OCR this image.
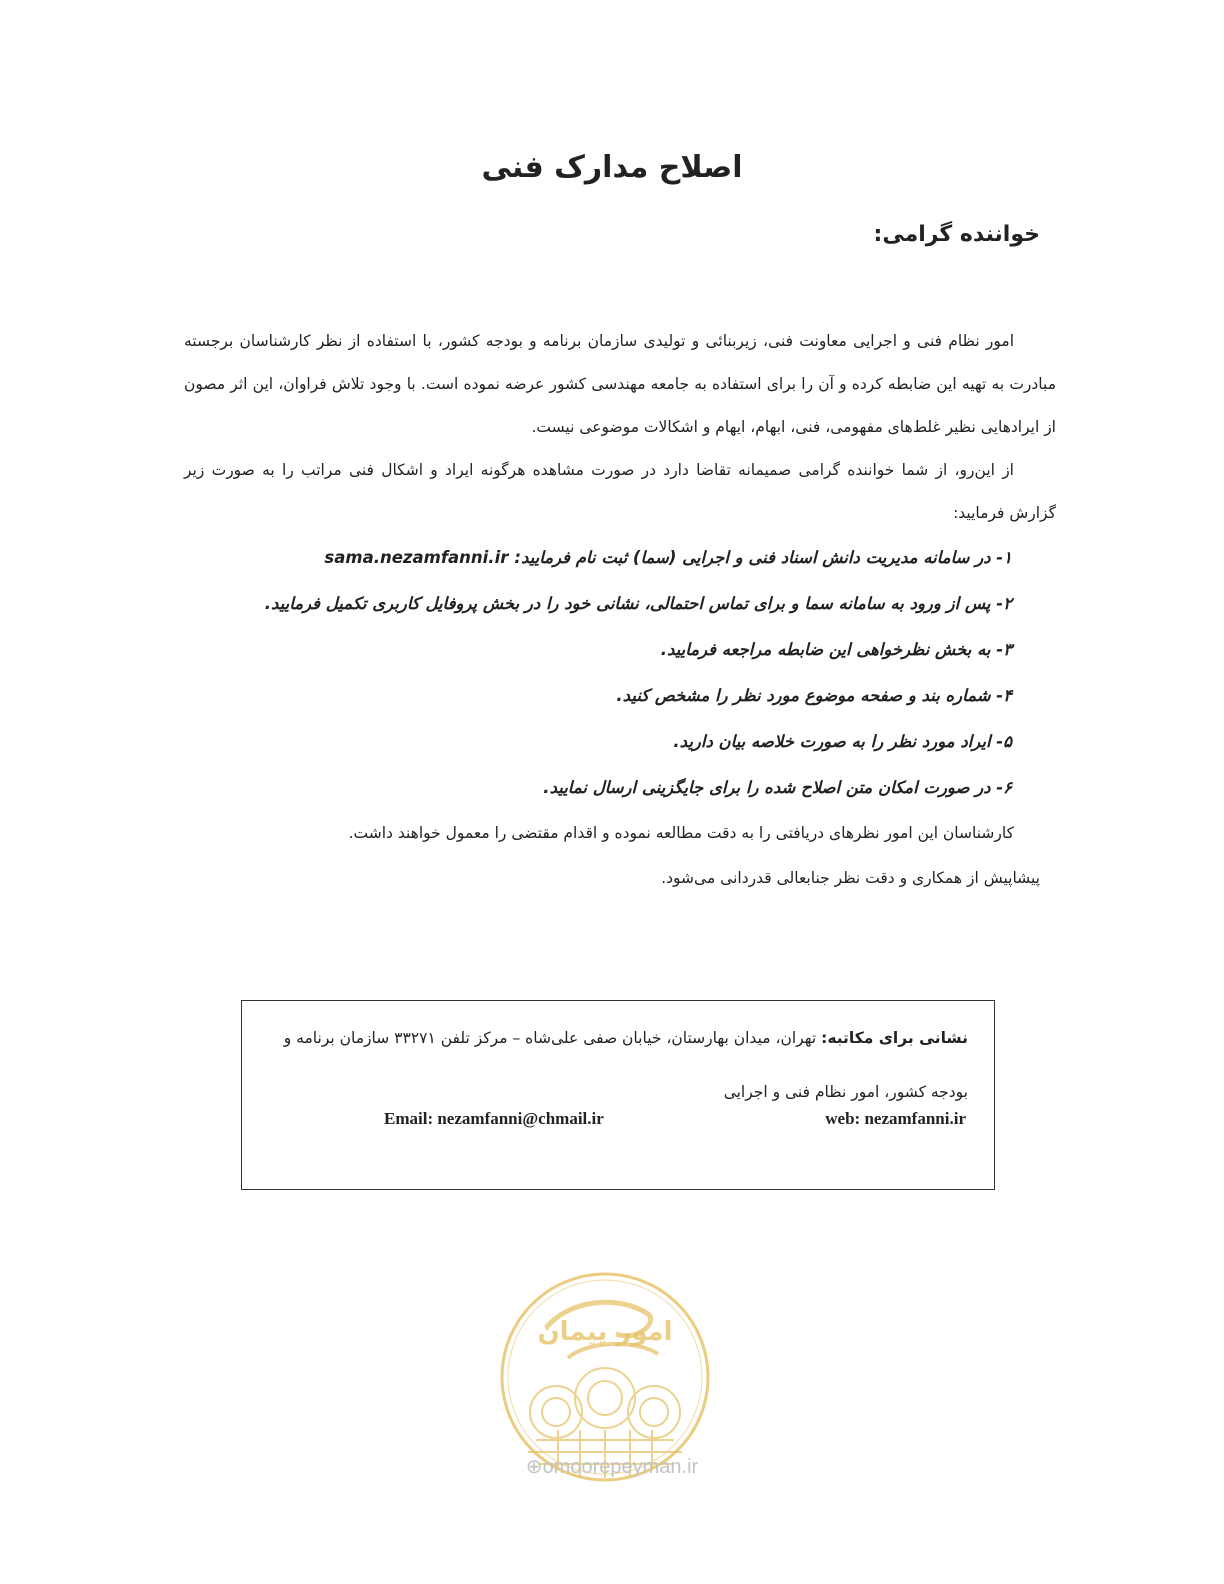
اصلاح مدارک فنی
خواننده گرامی:

امور نظام فنی و اجرایی معاونت فنی، زیربنائی و تولیدی سازمان برنامه و بودجه کشور، با استفاده از نظر کارشناسان برجسته مبادرت به تهیه این ضابطه کرده و آن را برای استفاده به جامعه مهندسی کشور عرضه نموده است. با وجود تلاش فراوان، این اثر مصون از ایرادهایی نظیر غلط‌های مفهومی، فنی، ابهام، ایهام و اشکالات موضوعی نیست.

از این‌رو، از شما خواننده گرامی صمیمانه تقاضا دارد در صورت مشاهده هرگونه ایراد و اشکال فنی مراتب را به صورت زیر گزارش فرمایید:

۱- در سامانه مدیریت دانش اسناد فنی و اجرایی (سما) ثبت نام فرمایید:sama.nezamfanni.ir
۲- پس از ورود به سامانه سما و برای تماس احتمالی، نشانی خود را در بخش پروفایل کاربری تکمیل فرمایید.
۳- به بخش نظرخواهی این ضابطه مراجعه فرمایید.
۴- شماره بند و صفحه موضوع مورد نظر را مشخص کنید.
۵- ایراد مورد نظر را به صورت خلاصه بیان دارید.
۶- در صورت امکان متن اصلاح شده را برای جایگزینی ارسال نمایید.

کارشناسان این امور نظرهای دریافتی را به دقت مطالعه نموده و اقدام مقتضی را معمول خواهند داشت.

پیشاپیش از همکاری و دقت نظر جنابعالی قدردانی می‌شود.

نشانی برای مکاتبه: تهران، میدان بهارستان، خیابان صفی علی‌شاه – مرکز تلفن ۳۳۲۷۱ سازمان برنامه و
بودجه کشور، امور نظام فنی و اجرایی
web: nezamfanni.ir
Email: nezamfanni@chmail.ir
امور پیمان
⊕omoorepeyman.ir
